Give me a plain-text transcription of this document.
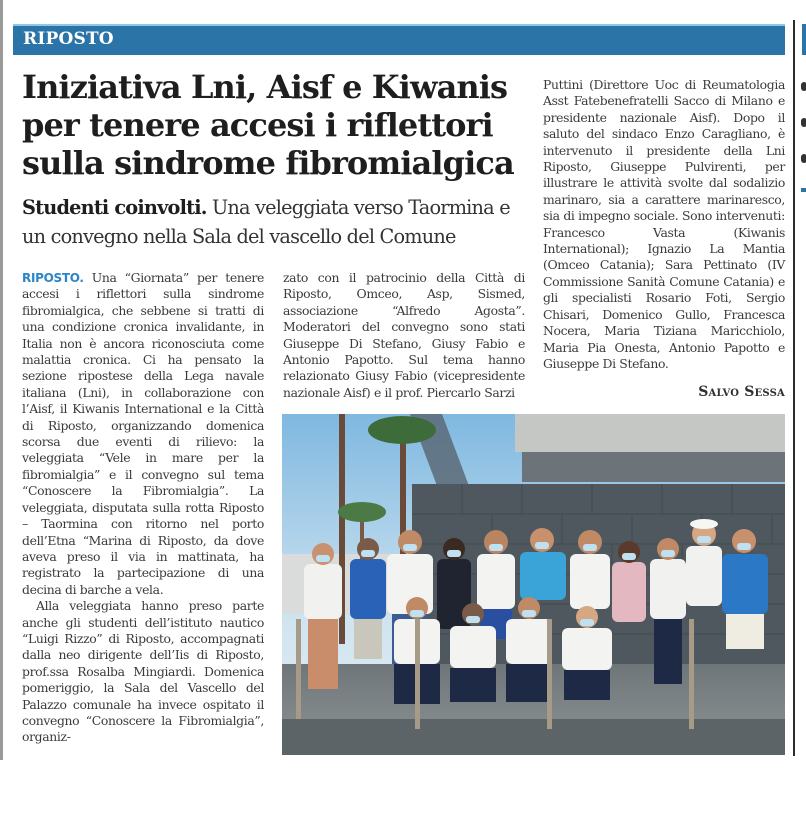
RIPOSTO
Iniziativa Lni, Aisf e Kiwanis per tenere accesi i riflettori sulla sindrome fibromialgica

Studenti coinvolti. Una veleggiata verso Taormina e un convegno nella Sala del vascello del Comune

RIPOSTO. Una “Giornata” per tenere accesi i riflettori sulla sindrome fibromialgica, che sebbene si tratti di una condizione cronica invalidante, in Italia non è ancora riconosciuta come malattia cronica. Ci ha pensato la sezione ripostese della Lega navale italiana (Lni), in collaborazione con l’Aisf, il Kiwanis International e la Città di Riposto, organizzando domenica scorsa due eventi di rilievo: la veleggiata “Vele in mare per la fibromialgia” e il convegno sul tema “Conoscere la Fibromialgia”. La veleggiata, disputata sulla rotta Riposto – Taormina con ritorno nel porto dell’Etna “Marina di Riposto, da dove aveva preso il via in mattinata, ha registrato la partecipazione di una decina di barche a vela.

Alla veleggiata hanno preso parte anche gli studenti dell’istituto nautico “Luigi Rizzo” di Riposto, accompagnati dalla neo dirigente dell’Iis di Riposto, prof.ssa Rosalba Mingiardi. Domenica pomeriggio, la Sala del Vascello del Palazzo comunale ha invece ospitato il convegno “Conoscere la Fibromialgia”, organiz-

zato con il patrocinio della Città di Riposto, Omceo, Asp, Sismed, associazione “Alfredo Agosta”. Moderatori del convegno sono stati Giuseppe Di Stefano, Giusy Fabio e Antonio Papotto. Sul tema hanno relazionato Giusy Fabio (vicepresidente nazionale Aisf) e il prof. Piercarlo Sarzi

Puttini (Direttore Uoc di Reumatologia Asst Fatebenefratelli Sacco di Milano e presidente nazionale Aisf). Dopo il saluto del sindaco Enzo Caragliano, è intervenuto il presidente della Lni Riposto, Giuseppe Pulvirenti, per illustrare le attività svolte dal sodalizio marinaro, sia a carattere marinaresco, sia di impegno sociale. Sono intervenuti: Francesco Vasta (Kiwanis International); Ignazio La Mantia (Omceo Catania); Sara Pettinato (IV Commissione Sanità Comune Catania) e gli specialisti Rosario Foti, Sergio Chisari, Domenico Gullo, Francesca Nocera, Maria Tiziana Maricchiolo, Maria Pia Onesta, Antonio Papotto e Giuseppe Di Stefano.

Salvo Sessa
